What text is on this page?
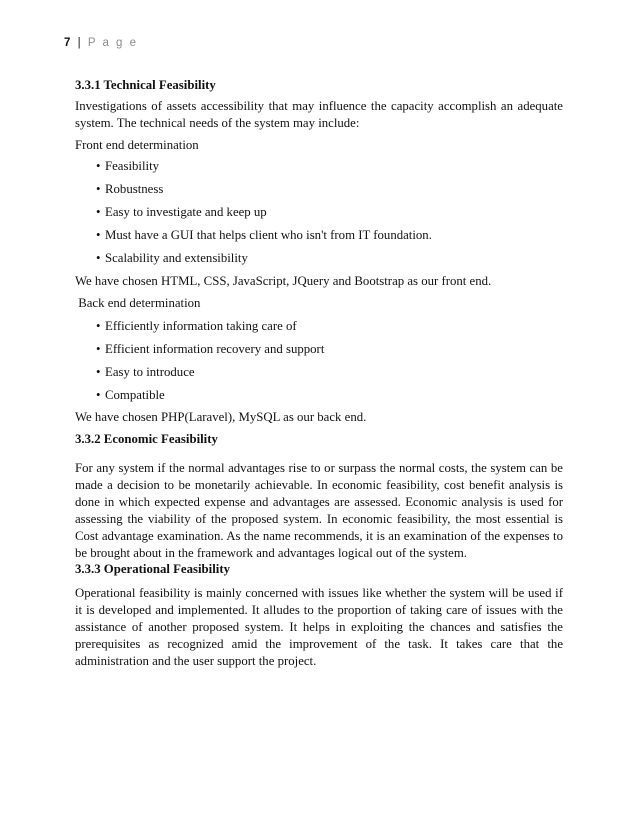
7 | P a g e
3.3.1 Technical Feasibility
Investigations of assets accessibility that may influence the capacity accomplish an adequate system. The technical needs of the system may include:
Front end determination
• Feasibility
• Robustness
• Easy to investigate and keep up
• Must have a GUI that helps client who isn't from IT foundation.
• Scalability and extensibility
We have chosen HTML, CSS, JavaScript, JQuery and Bootstrap as our front end.
Back end determination
• Efficiently information taking care of
• Efficient information recovery and support
• Easy to introduce
• Compatible
We have chosen PHP(Laravel), MySQL as our back end.
3.3.2 Economic Feasibility
For any system if the normal advantages rise to or surpass the normal costs, the system can be made a decision to be monetarily achievable. In economic feasibility, cost benefit analysis is done in which expected expense and advantages are assessed. Economic analysis is used for assessing the viability of the proposed system. In economic feasibility, the most essential is Cost advantage examination. As the name recommends, it is an examination of the expenses to be brought about in the framework and advantages logical out of the system.
3.3.3 Operational Feasibility
Operational feasibility is mainly concerned with issues like whether the system will be used if it is developed and implemented. It alludes to the proportion of taking care of issues with the assistance of another proposed system. It helps in exploiting the chances and satisfies the prerequisites as recognized amid the improvement of the task. It takes care that the administration and the user support the project.
